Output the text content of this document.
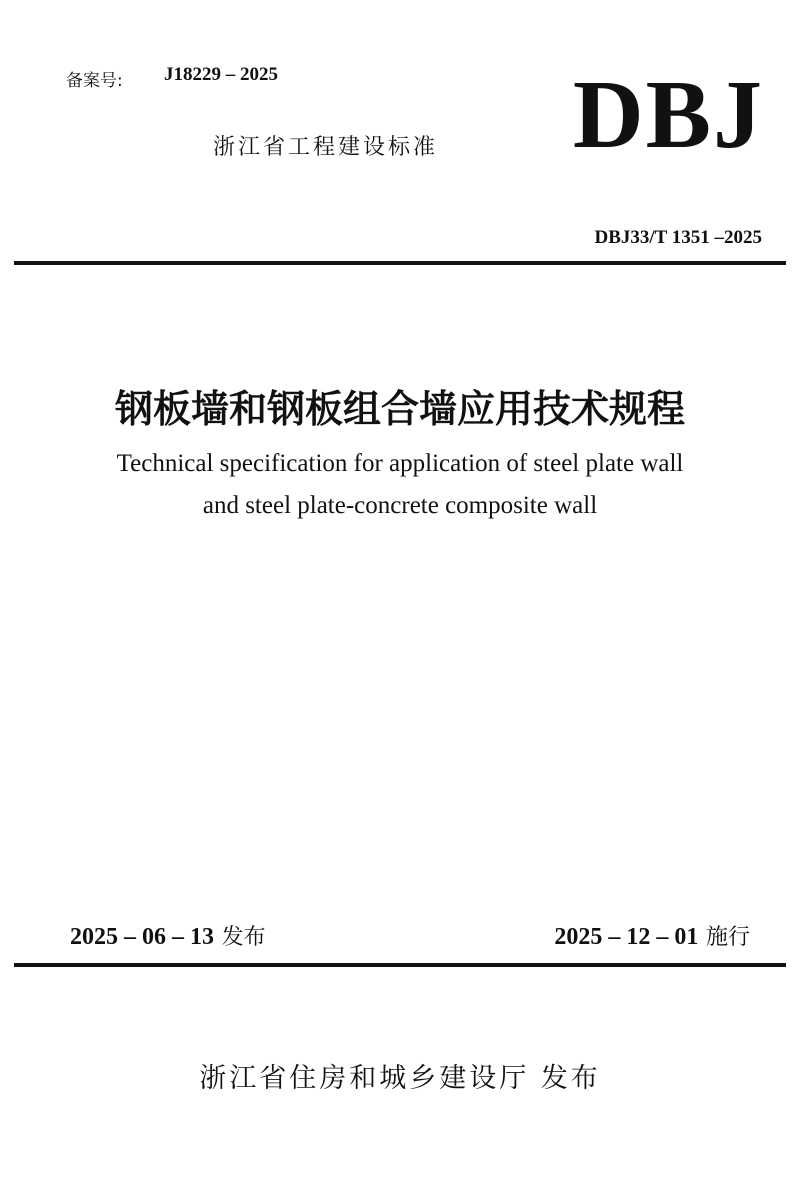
备案号: J18229 – 2025
浙江省工程建设标准 DBJ
DBJ33/T 1351 –2025
钢板墙和钢板组合墙应用技术规程
Technical specification for application of steel plate wall
and steel plate-concrete composite wall
2025 – 06 – 13 发布	2025 – 12 – 01 施行
浙江省住房和城乡建设厅 发布
